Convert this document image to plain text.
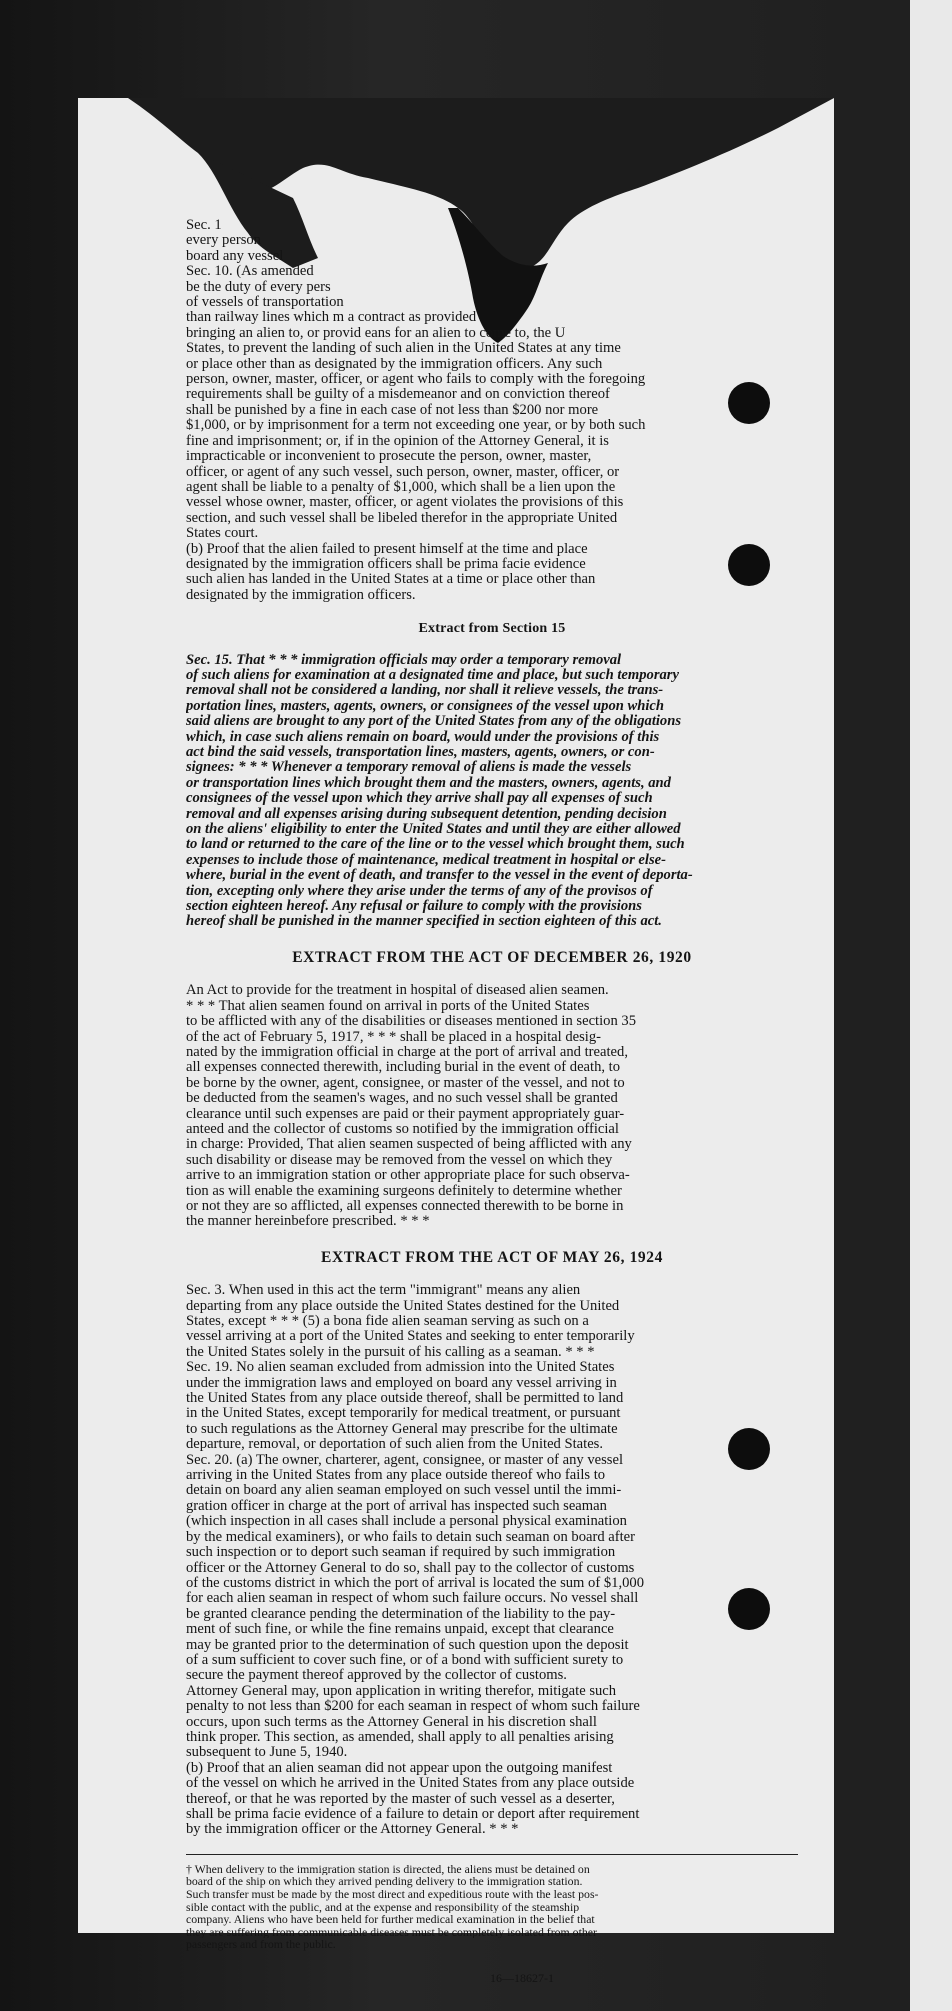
Sec. 1
every person
board any vessel
Sec. 10. (As amended
be the duty of every pers
of vessels of transportation
than railway lines which m a contract as provided
bringing an alien to, or provid eans for an alien to come to, the U
States, to prevent the landing of such alien in the United States at any time
or place other than as designated by the immigration officers. Any such
person, owner, master, officer, or agent who fails to comply with the foregoing
requirements shall be guilty of a misdemeanor and on conviction thereof
shall be punished by a fine in each case of not less than $200 nor more
$1,000, or by imprisonment for a term not exceeding one year, or by both such
fine and imprisonment; or, if in the opinion of the Attorney General, it is
impracticable or inconvenient to prosecute the person, owner, master,
officer, or agent of any such vessel, such person, owner, master, officer, or
agent shall be liable to a penalty of $1,000, which shall be a lien upon the
vessel whose owner, master, officer, or agent violates the provisions of this
section, and such vessel shall be libeled therefor in the appropriate United
States court.
(b) Proof that the alien failed to present himself at the time and place
designated by the immigration officers shall be prima facie evidence
such alien has landed in the United States at a time or place other than
designated by the immigration officers.
Extract from Section 15
Sec. 15. That * * * immigration officials may order a temporary removal
of such aliens for examination at a designated time and place, but such temporary
removal shall not be considered a landing, nor shall it relieve vessels, the trans-
portation lines, masters, agents, owners, or consignees of the vessel upon which
said aliens are brought to any port of the United States from any of the obligations
which, in case such aliens remain on board, would under the provisions of this
act bind the said vessels, transportation lines, masters, agents, owners, or con-
signees: * * * Whenever a temporary removal of aliens is made the vessels
or transportation lines which brought them and the masters, owners, agents, and
consignees of the vessel upon which they arrive shall pay all expenses of such
removal and all expenses arising during subsequent detention, pending decision
on the aliens' eligibility to enter the United States and until they are either allowed
to land or returned to the care of the line or to the vessel which brought them, such
expenses to include those of maintenance, medical treatment in hospital or else-
where, burial in the event of death, and transfer to the vessel in the event of deporta-
tion, excepting only where they arise under the terms of any of the provisos of
section eighteen hereof. Any refusal or failure to comply with the provisions
hereof shall be punished in the manner specified in section eighteen of this act.
EXTRACT FROM THE ACT OF DECEMBER 26, 1920
An Act to provide for the treatment in hospital of diseased alien seamen.
* * * That alien seamen found on arrival in ports of the United States
to be afflicted with any of the disabilities or diseases mentioned in section 35
of the act of February 5, 1917, * * * shall be placed in a hospital desig-
nated by the immigration official in charge at the port of arrival and treated,
all expenses connected therewith, including burial in the event of death, to
be borne by the owner, agent, consignee, or master of the vessel, and not to
be deducted from the seamen's wages, and no such vessel shall be granted
clearance until such expenses are paid or their payment appropriately guar-
anteed and the collector of customs so notified by the immigration official
in charge: Provided, That alien seamen suspected of being afflicted with any
such disability or disease may be removed from the vessel on which they
arrive to an immigration station or other appropriate place for such observa-
tion as will enable the examining surgeons definitely to determine whether
or not they are so afflicted, all expenses connected therewith to be borne in
the manner hereinbefore prescribed. * * *
EXTRACT FROM THE ACT OF MAY 26, 1924
Sec. 3. When used in this act the term "immigrant" means any alien
departing from any place outside the United States destined for the United
States, except * * * (5) a bona fide alien seaman serving as such on a
vessel arriving at a port of the United States and seeking to enter temporarily
the United States solely in the pursuit of his calling as a seaman. * * *
Sec. 19. No alien seaman excluded from admission into the United States
under the immigration laws and employed on board any vessel arriving in
the United States from any place outside thereof, shall be permitted to land
in the United States, except temporarily for medical treatment, or pursuant
to such regulations as the Attorney General may prescribe for the ultimate
departure, removal, or deportation of such alien from the United States.
Sec. 20. (a) The owner, charterer, agent, consignee, or master of any vessel
arriving in the United States from any place outside thereof who fails to
detain on board any alien seaman employed on such vessel until the immi-
gration officer in charge at the port of arrival has inspected such seaman
(which inspection in all cases shall include a personal physical examination
by the medical examiners), or who fails to detain such seaman on board after
such inspection or to deport such seaman if required by such immigration
officer or the Attorney General to do so, shall pay to the collector of customs
of the customs district in which the port of arrival is located the sum of $1,000
for each alien seaman in respect of whom such failure occurs. No vessel shall
be granted clearance pending the determination of the liability to the pay-
ment of such fine, or while the fine remains unpaid, except that clearance
may be granted prior to the determination of such question upon the deposit
of a sum sufficient to cover such fine, or of a bond with sufficient surety to
secure the payment thereof approved by the collector of customs.
Attorney General may, upon application in writing therefor, mitigate such
penalty to not less than $200 for each seaman in respect of whom such failure
occurs, upon such terms as the Attorney General in his discretion shall
think proper. This section, as amended, shall apply to all penalties arising
subsequent to June 5, 1940.
(b) Proof that an alien seaman did not appear upon the outgoing manifest
of the vessel on which he arrived in the United States from any place outside
thereof, or that he was reported by the master of such vessel as a deserter,
shall be prima facie evidence of a failure to detain or deport after requirement
by the immigration officer or the Attorney General. * * *
† When delivery to the immigration station is directed, the aliens must be detained on
board of the ship on which they arrived pending delivery to the immigration station.
Such transfer must be made by the most direct and expeditious route with the least pos-
sible contact with the public, and at the expense and responsibility of the steamship
company. Aliens who have been held for further medical examination in the belief that
they are suffering from communicable diseases must be completely isolated from other
passengers and from the public.
16—18627-1
